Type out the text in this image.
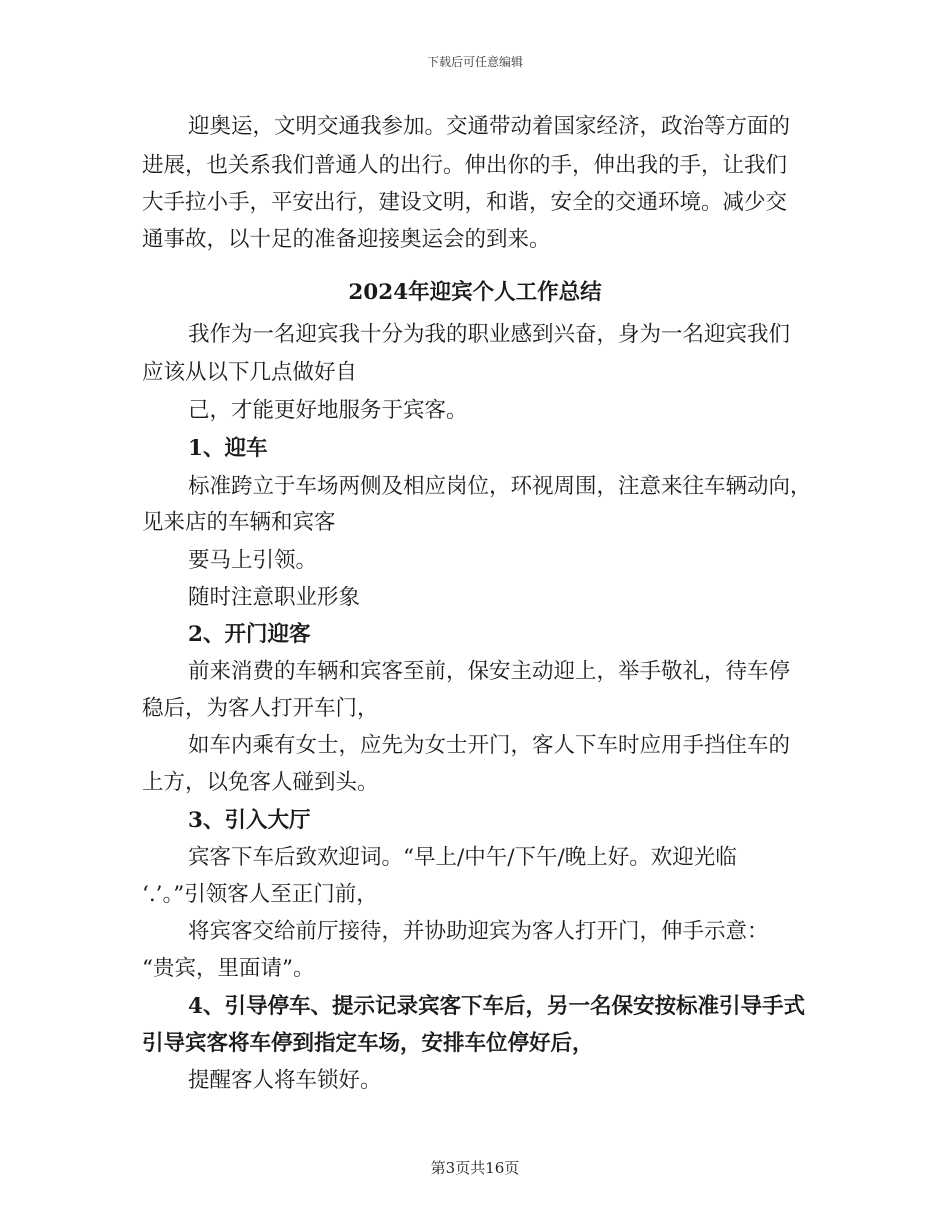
下载后可任意编辑
迎奥运，文明交通我参加。交通带动着国家经济，政治等方面的
进展，也关系我们普通人的出行。伸出你的手，伸出我的手，让我们
大手拉小手，平安出行，建设文明，和谐，安全的交通环境。减少交
通事故，以十足的准备迎接奥运会的到来。
2024年迎宾个人工作总结
我作为一名迎宾我十分为我的职业感到兴奋，身为一名迎宾我们
应该从以下几点做好自
己，才能更好地服务于宾客。
1、迎车
标准跨立于车场两侧及相应岗位，环视周围，注意来往车辆动向，
见来店的车辆和宾客
要马上引领。
随时注意职业形象
2、开门迎客
前来消费的车辆和宾客至前，保安主动迎上，举手敬礼，待车停
稳后，为客人打开车门，
如车内乘有女士，应先为女士开门，客人下车时应用手挡住车的
上方，以免客人碰到头。
3、引入大厅
宾客下车后致欢迎词。“早上/中午/下午/晚上好。欢迎光临
‘.’。”引领客人至正门前，
将宾客交给前厅接待，并协助迎宾为客人打开门，伸手示意：
“贵宾，里面请”。
4、引导停车、提示记录宾客下车后，另一名保安按标准引导手式
引导宾客将车停到指定车场，安排车位停好后，
提醒客人将车锁好。
第3页共16页
